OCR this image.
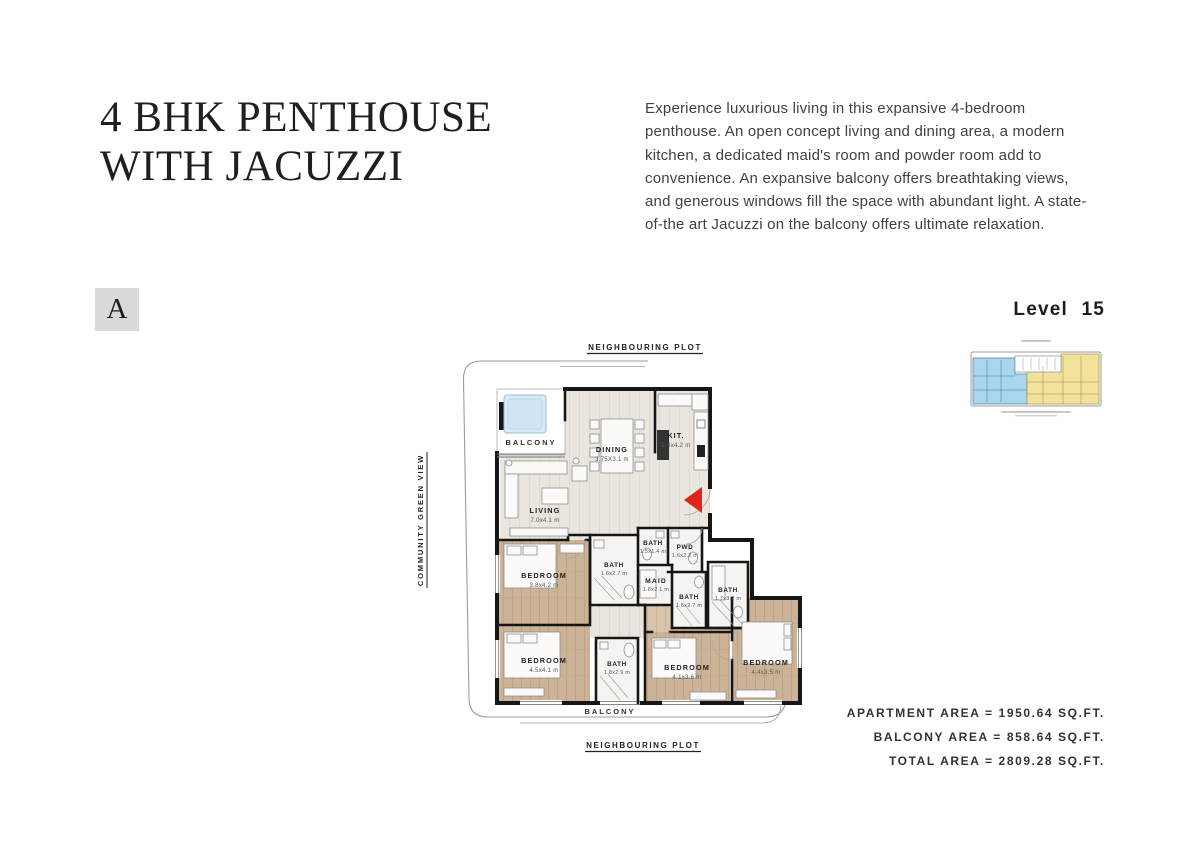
4 BHK PENTHOUSE
WITH JACUZZI
Experience luxurious living in this expansive 4-bedroom penthouse. An open concept living and dining area, a modern kitchen, a dedicated maid's room and powder room add to convenience. An expansive balcony offers breathtaking views, and generous windows fill the space with abundant light. A state-of-the art Jacuzzi on the balcony offers ultimate relaxation.
A	Level 15
NEIGHBOURING PLOT
NEIGHBOURING PLOT
COMMUNITY GREEN VIEW
BALCONY
DINING
3.75X3.1 m
KIT.
2.4x4.2 m
LIVING
7.0x4.1 m
BATH
1.5x1.4 m
PWD
1.6x2.2 m
MAID
1.8x2.1 m
BATH
1.6x2.7 m
BATH
1.7x3.2 m
BEDROOM
3.8x4.2 m
BATH
1.8x2.7 m
BEDROOM
4.5x4.1 m
BATH
1.8x2.9 m
BEDROOM
4.1x3.6 m
BEDROOM
4.4x3.5 m
BALCONY	APARTMENT AREA = 1950.64 SQ.FT.

BALCONY AREA = 858.64 SQ.FT.

TOTAL AREA = 2809.28 SQ.FT.
